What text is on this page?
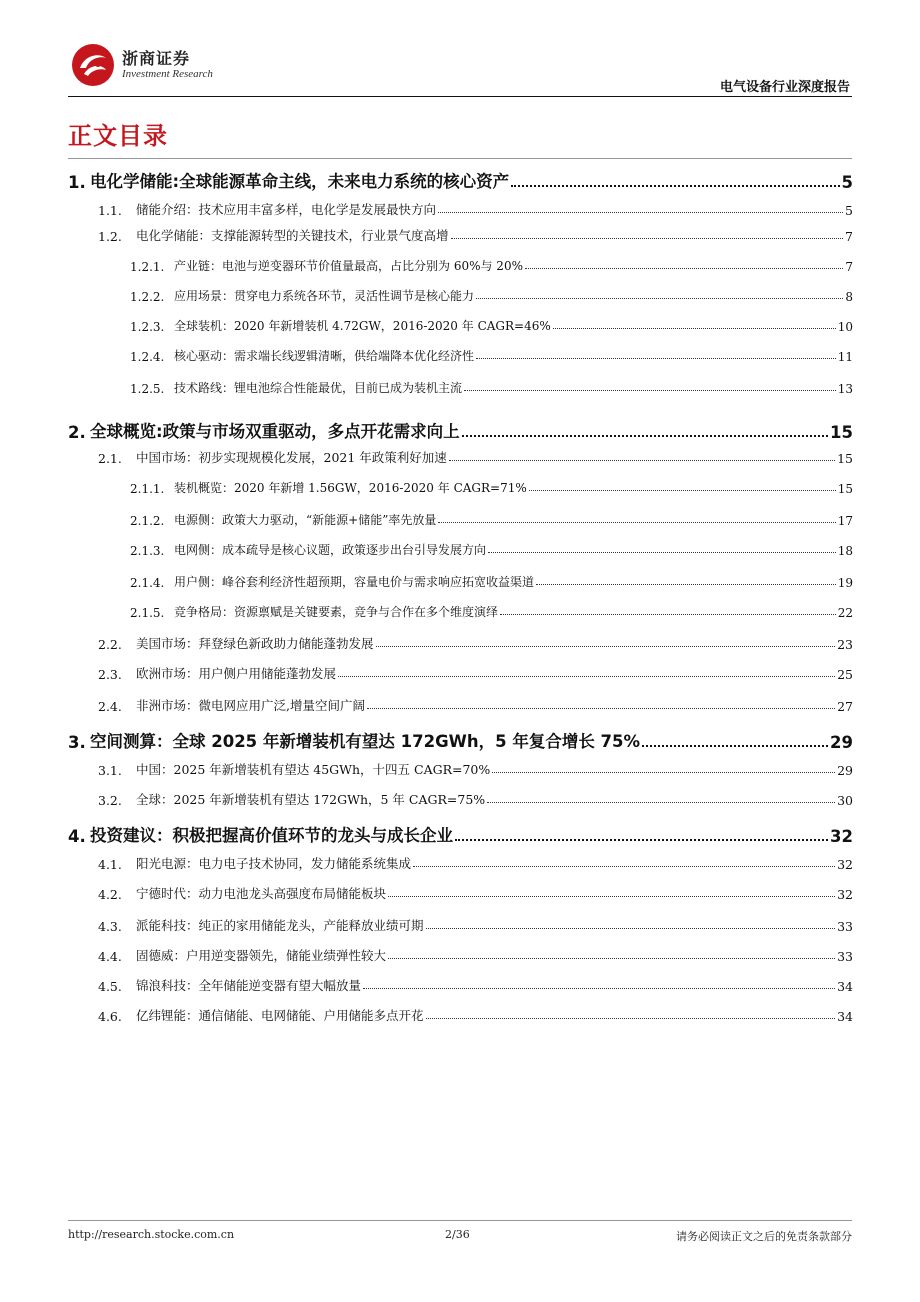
浙商证券
Investment Research
电气设备行业深度报告
正文目录
1. 电化学储能:全球能源革命主线，未来电力系统的核心资产	5
1.1.	储能介绍：技术应用丰富多样，电化学是发展最快方向	5
1.2.	电化学储能：支撑能源转型的关键技术，行业景气度高增	7
1.2.1. 产业链：电池与逆变器环节价值量最高，占比分别为 60%与 20%	7
1.2.2. 应用场景：贯穿电力系统各环节，灵活性调节是核心能力	8
1.2.3. 全球装机：2020 年新增装机 4.72GW，2016-2020 年 CAGR=46%	10
1.2.4. 核心驱动：需求端长线逻辑清晰，供给端降本优化经济性	11
1.2.5. 技术路线：锂电池综合性能最优，目前已成为装机主流	13
2. 全球概览:政策与市场双重驱动，多点开花需求向上	15
2.1.	中国市场：初步实现规模化发展，2021 年政策利好加速	15
2.1.1. 装机概览：2020 年新增 1.56GW，2016-2020 年 CAGR=71%	15
2.1.2. 电源侧：政策大力驱动，“新能源+储能”率先放量	17
2.1.3. 电网侧：成本疏导是核心议题，政策逐步出台引导发展方向	18
2.1.4. 用户侧：峰谷套利经济性超预期，容量电价与需求响应拓宽收益渠道	19
2.1.5. 竞争格局：资源禀赋是关键要素，竞争与合作在多个维度演绎	22
2.2.	美国市场：拜登绿色新政助力储能蓬勃发展	23
2.3.	欧洲市场：用户侧户用储能蓬勃发展	25
2.4.	非洲市场：微电网应用广泛,增量空间广阔	27
3. 空间测算：全球 2025 年新增装机有望达 172GWh，5 年复合增长 75%	29
3.1.	中国：2025 年新增装机有望达 45GWh，十四五 CAGR=70%	29
3.2.	全球：2025 年新增装机有望达 172GWh，5 年 CAGR=75%	30
4. 投资建议：积极把握高价值环节的龙头与成长企业	32
4.1.	阳光电源：电力电子技术协同，发力储能系统集成	32
4.2.	宁德时代：动力电池龙头高强度布局储能板块	32
4.3.	派能科技：纯正的家用储能龙头，产能释放业绩可期	33
4.4.	固德威：户用逆变器领先，储能业绩弹性较大	33
4.5.	锦浪科技：全年储能逆变器有望大幅放量	34
4.6.	亿纬锂能：通信储能、电网储能、户用储能多点开花	34
http://research.stocke.com.cn	2/36	请务必阅读正文之后的免责条款部分
